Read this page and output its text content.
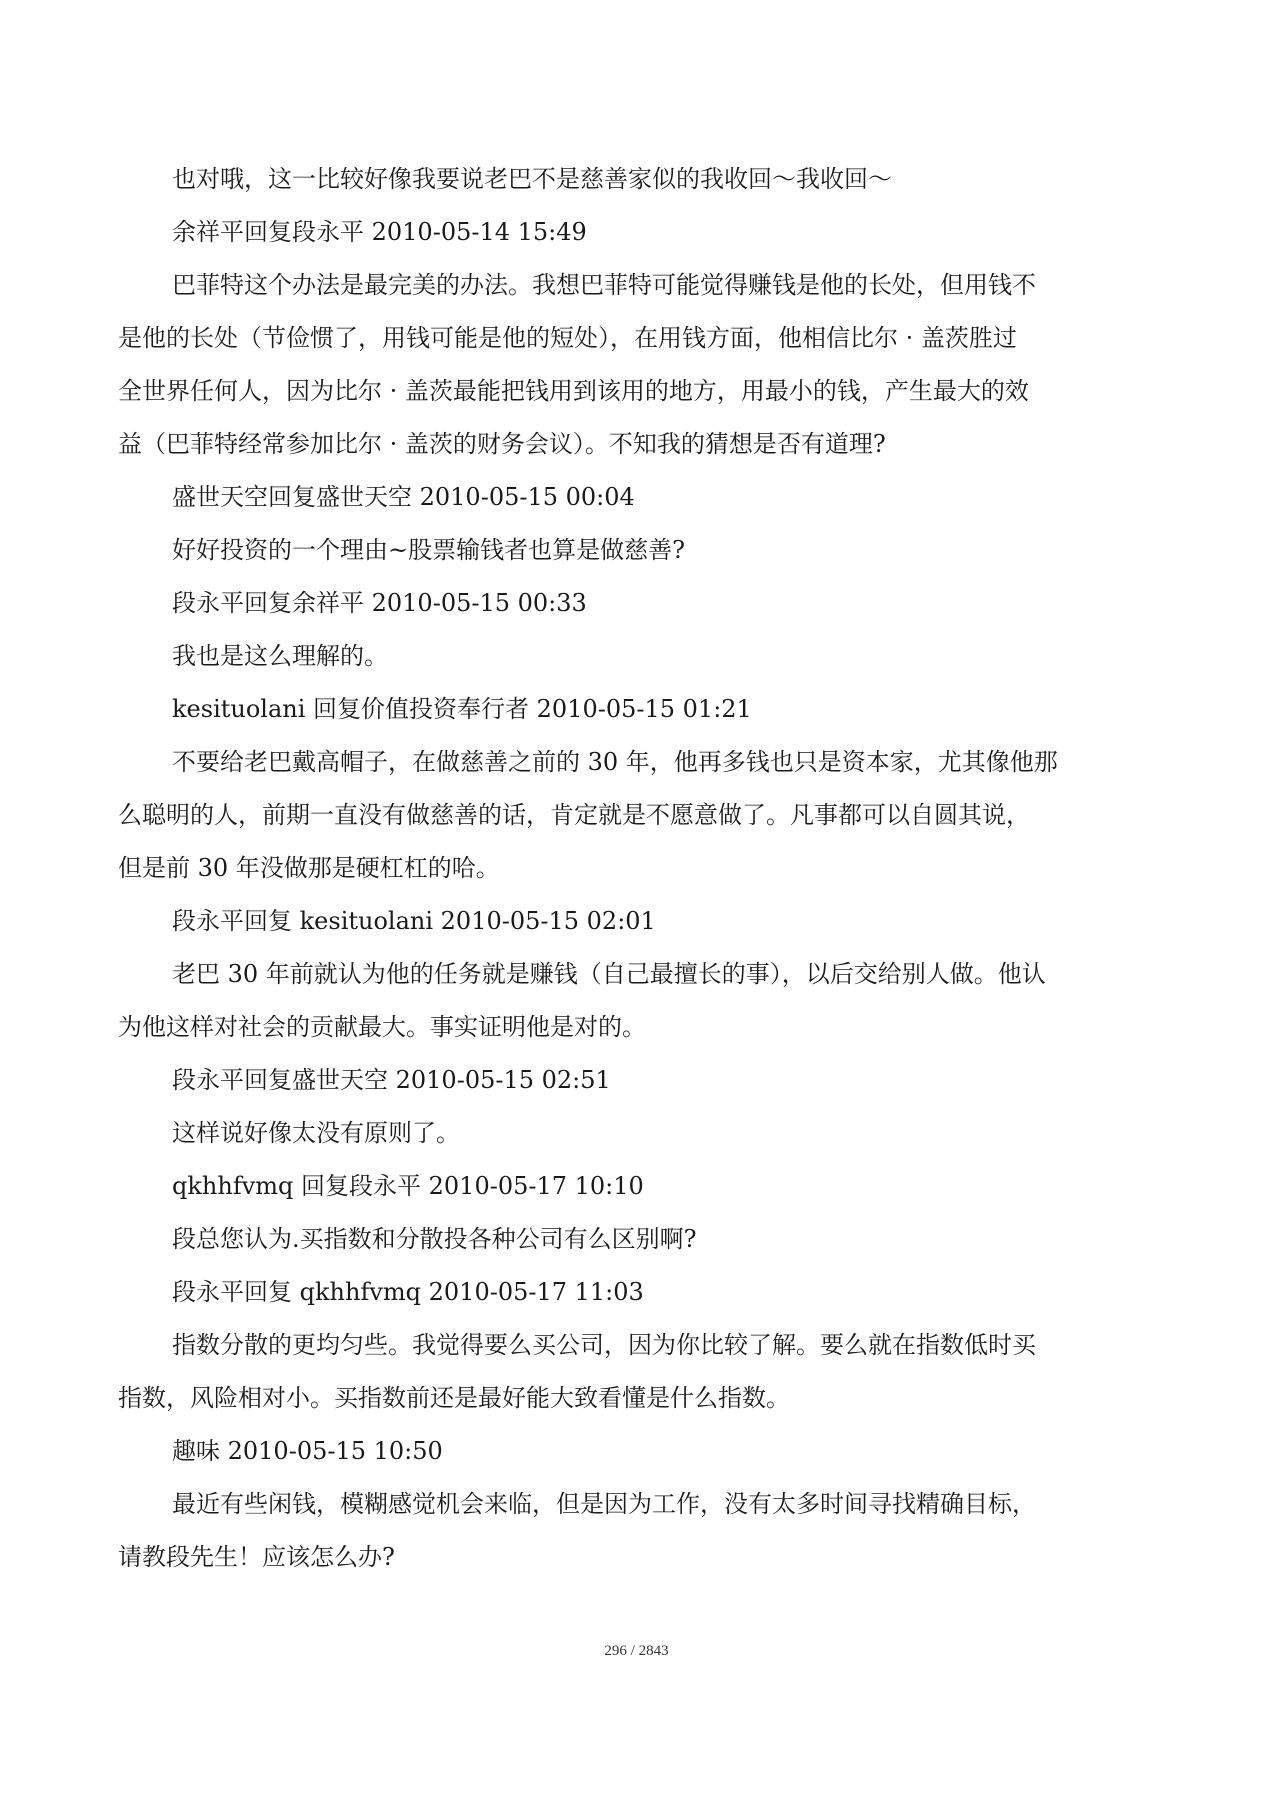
也对哦，这一比较好像我要说老巴不是慈善家似的我收回～我收回～
余祥平回复段永平 2010-05-14 15:49
巴菲特这个办法是最完美的办法。我想巴菲特可能觉得赚钱是他的长处，但用钱不
是他的长处（节俭惯了，用钱可能是他的短处），在用钱方面，他相信比尔 · 盖茨胜过
全世界任何人，因为比尔 · 盖茨最能把钱用到该用的地方，用最小的钱，产生最大的效
益（巴菲特经常参加比尔 · 盖茨的财务会议）。不知我的猜想是否有道理?
盛世天空回复盛世天空 2010-05-15 00:04
好好投资的一个理由~股票输钱者也算是做慈善?
段永平回复余祥平 2010-05-15 00:33
我也是这么理解的。
kesituolani 回复价值投资奉行者 2010-05-15 01:21
不要给老巴戴高帽子，在做慈善之前的 30 年，他再多钱也只是资本家，尤其像他那
么聪明的人，前期一直没有做慈善的话，肯定就是不愿意做了。凡事都可以自圆其说，
但是前 30 年没做那是硬杠杠的哈。
段永平回复 kesituolani 2010-05-15 02:01
老巴 30 年前就认为他的任务就是赚钱（自己最擅长的事），以后交给别人做。他认
为他这样对社会的贡献最大。事实证明他是对的。
段永平回复盛世天空 2010-05-15 02:51
这样说好像太没有原则了。
qkhhfvmq 回复段永平 2010-05-17 10:10
段总您认为.买指数和分散投各种公司有么区别啊?
段永平回复 qkhhfvmq 2010-05-17 11:03
指数分散的更均匀些。我觉得要么买公司，因为你比较了解。要么就在指数低时买
指数，风险相对小。买指数前还是最好能大致看懂是什么指数。
趣味 2010-05-15 10:50
最近有些闲钱，模糊感觉机会来临，但是因为工作，没有太多时间寻找精确目标，
请教段先生！应该怎么办?
296 / 2843
